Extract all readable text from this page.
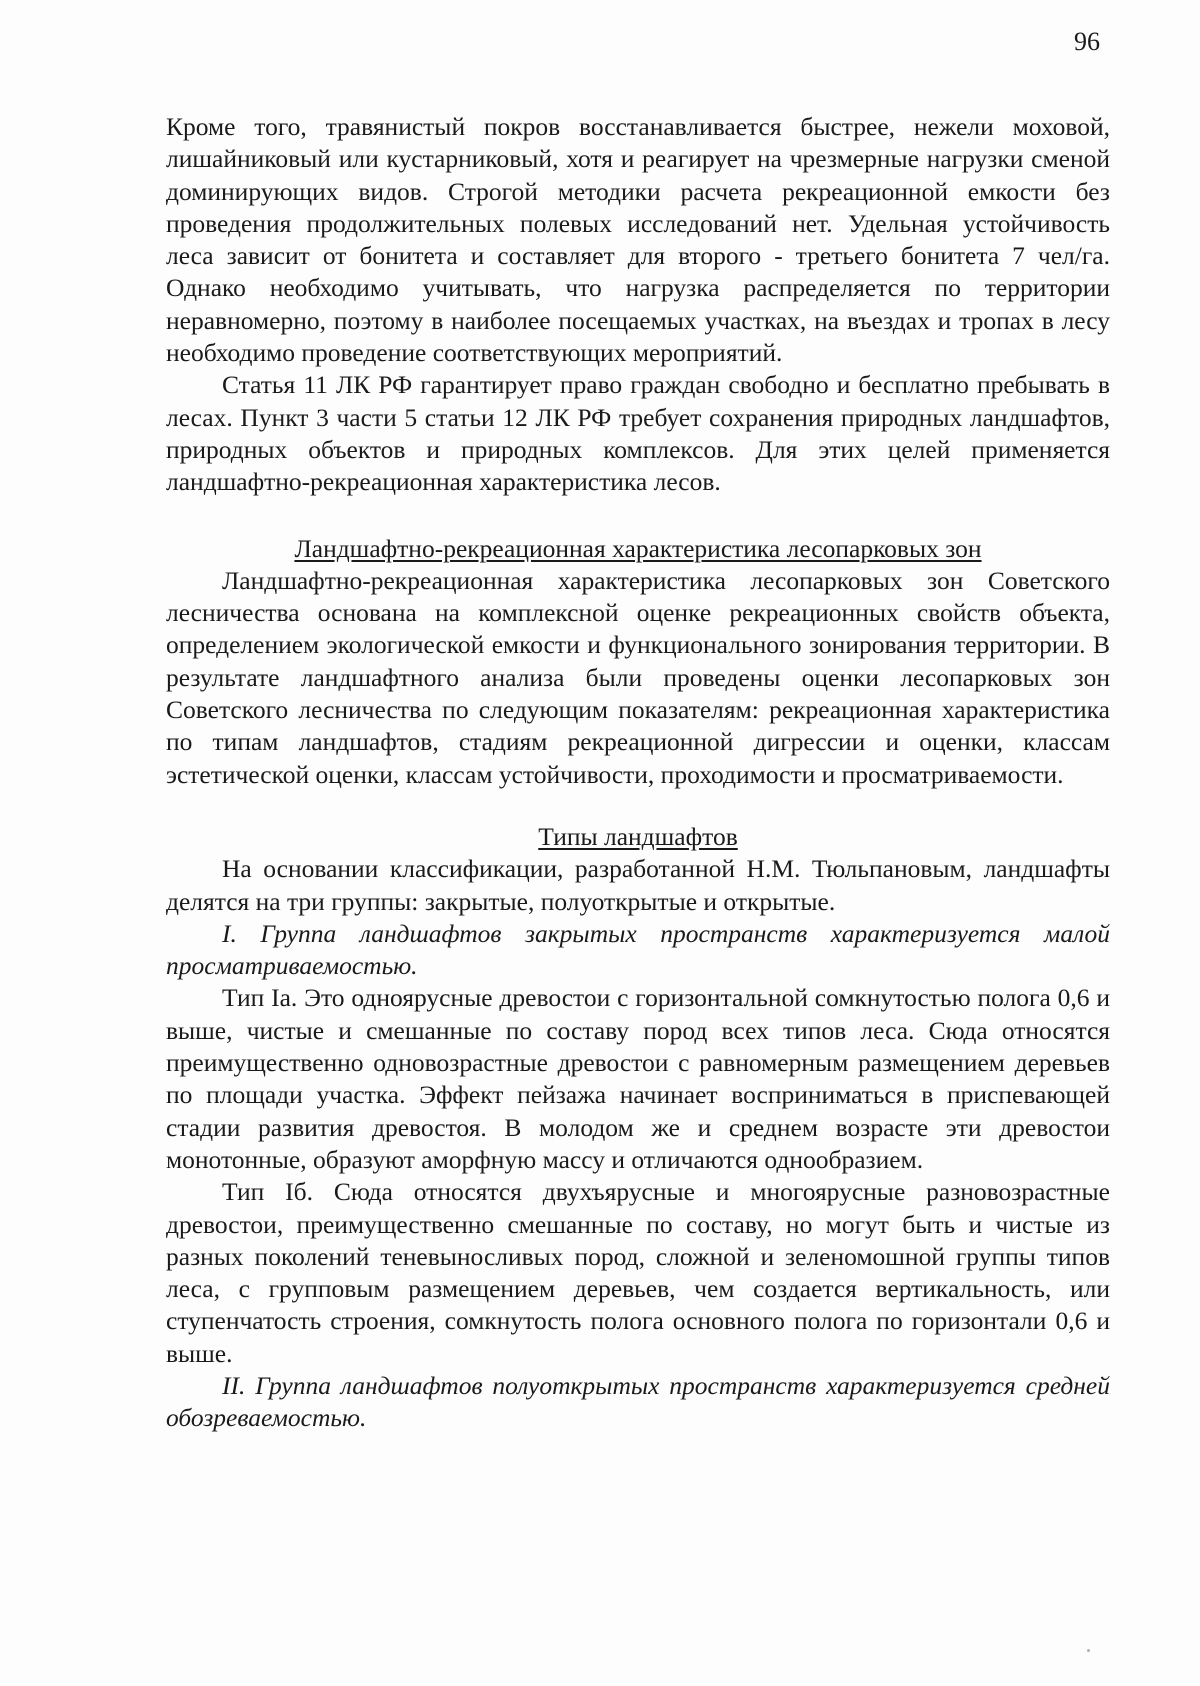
96

Кроме того, травянистый покров восстанавливается быстрее, нежели моховой, лишайниковый или кустарниковый, хотя и реагирует на чрезмерные нагрузки сменой доминирующих видов. Строгой методики расчета рекреационной емкости без проведения продолжительных полевых исследований нет. Удельная устойчивость леса зависит от бонитета и составляет для второго - третьего бонитета 7 чел/га. Однако необходимо учитывать, что нагрузка распределяется по территории неравномерно, поэтому в наиболее посещаемых участках, на въездах и тропах в лесу необходимо проведение соответствующих мероприятий.

Статья 11 ЛК РФ гарантирует право граждан свободно и бесплатно пребывать в лесах. Пункт 3 части 5 статьи 12 ЛК РФ требует сохранения природных ландшафтов, природных объектов и природных комплексов. Для этих целей применяется ландшафтно-рекреационная характеристика лесов.

Ландшафтно-рекреационная характеристика лесопарковых зон

Ландшафтно-рекреационная характеристика лесопарковых зон Советского лесничества основана на комплексной оценке рекреационных свойств объекта, определением экологической емкости и функционального зонирования территории. В результате ландшафтного анализа были проведены оценки лесопарковых зон Советского лесничества по следующим показателям: рекреационная характеристика по типам ландшафтов, стадиям рекреационной дигрессии и оценки, классам эстетической оценки, классам устойчивости, проходимости и просматриваемости.

Типы ландшафтов

На основании классификации, разработанной Н.М. Тюльпановым, ландшафты делятся на три группы: закрытые, полуоткрытые и открытые.

I. Группа ландшафтов закрытых пространств характеризуется малой просматриваемостью.

Тип Iа. Это одноярусные древостои с горизонтальной сомкнутостью полога 0,6 и выше, чистые и смешанные по составу пород всех типов леса. Сюда относятся преимущественно одновозрастные древостои с равномерным размещением деревьев по площади участка. Эффект пейзажа начинает восприниматься в приспевающей стадии развития древостоя. В молодом же и среднем возрасте эти древостои монотонные, образуют аморфную массу и отличаются однообразием.

Тип Iб. Сюда относятся двухъярусные и многоярусные разновозрастные древостои, преимущественно смешанные по составу, но могут быть и чистые из разных поколений теневыносливых пород, сложной и зеленомошной группы типов леса, с групповым размещением деревьев, чем создается вертикальность, или ступенчатость строения, сомкнутость полога основного полога по горизонтали 0,6 и выше.

II. Группа ландшафтов полуоткрытых пространств характеризуется средней обозреваемостью.
